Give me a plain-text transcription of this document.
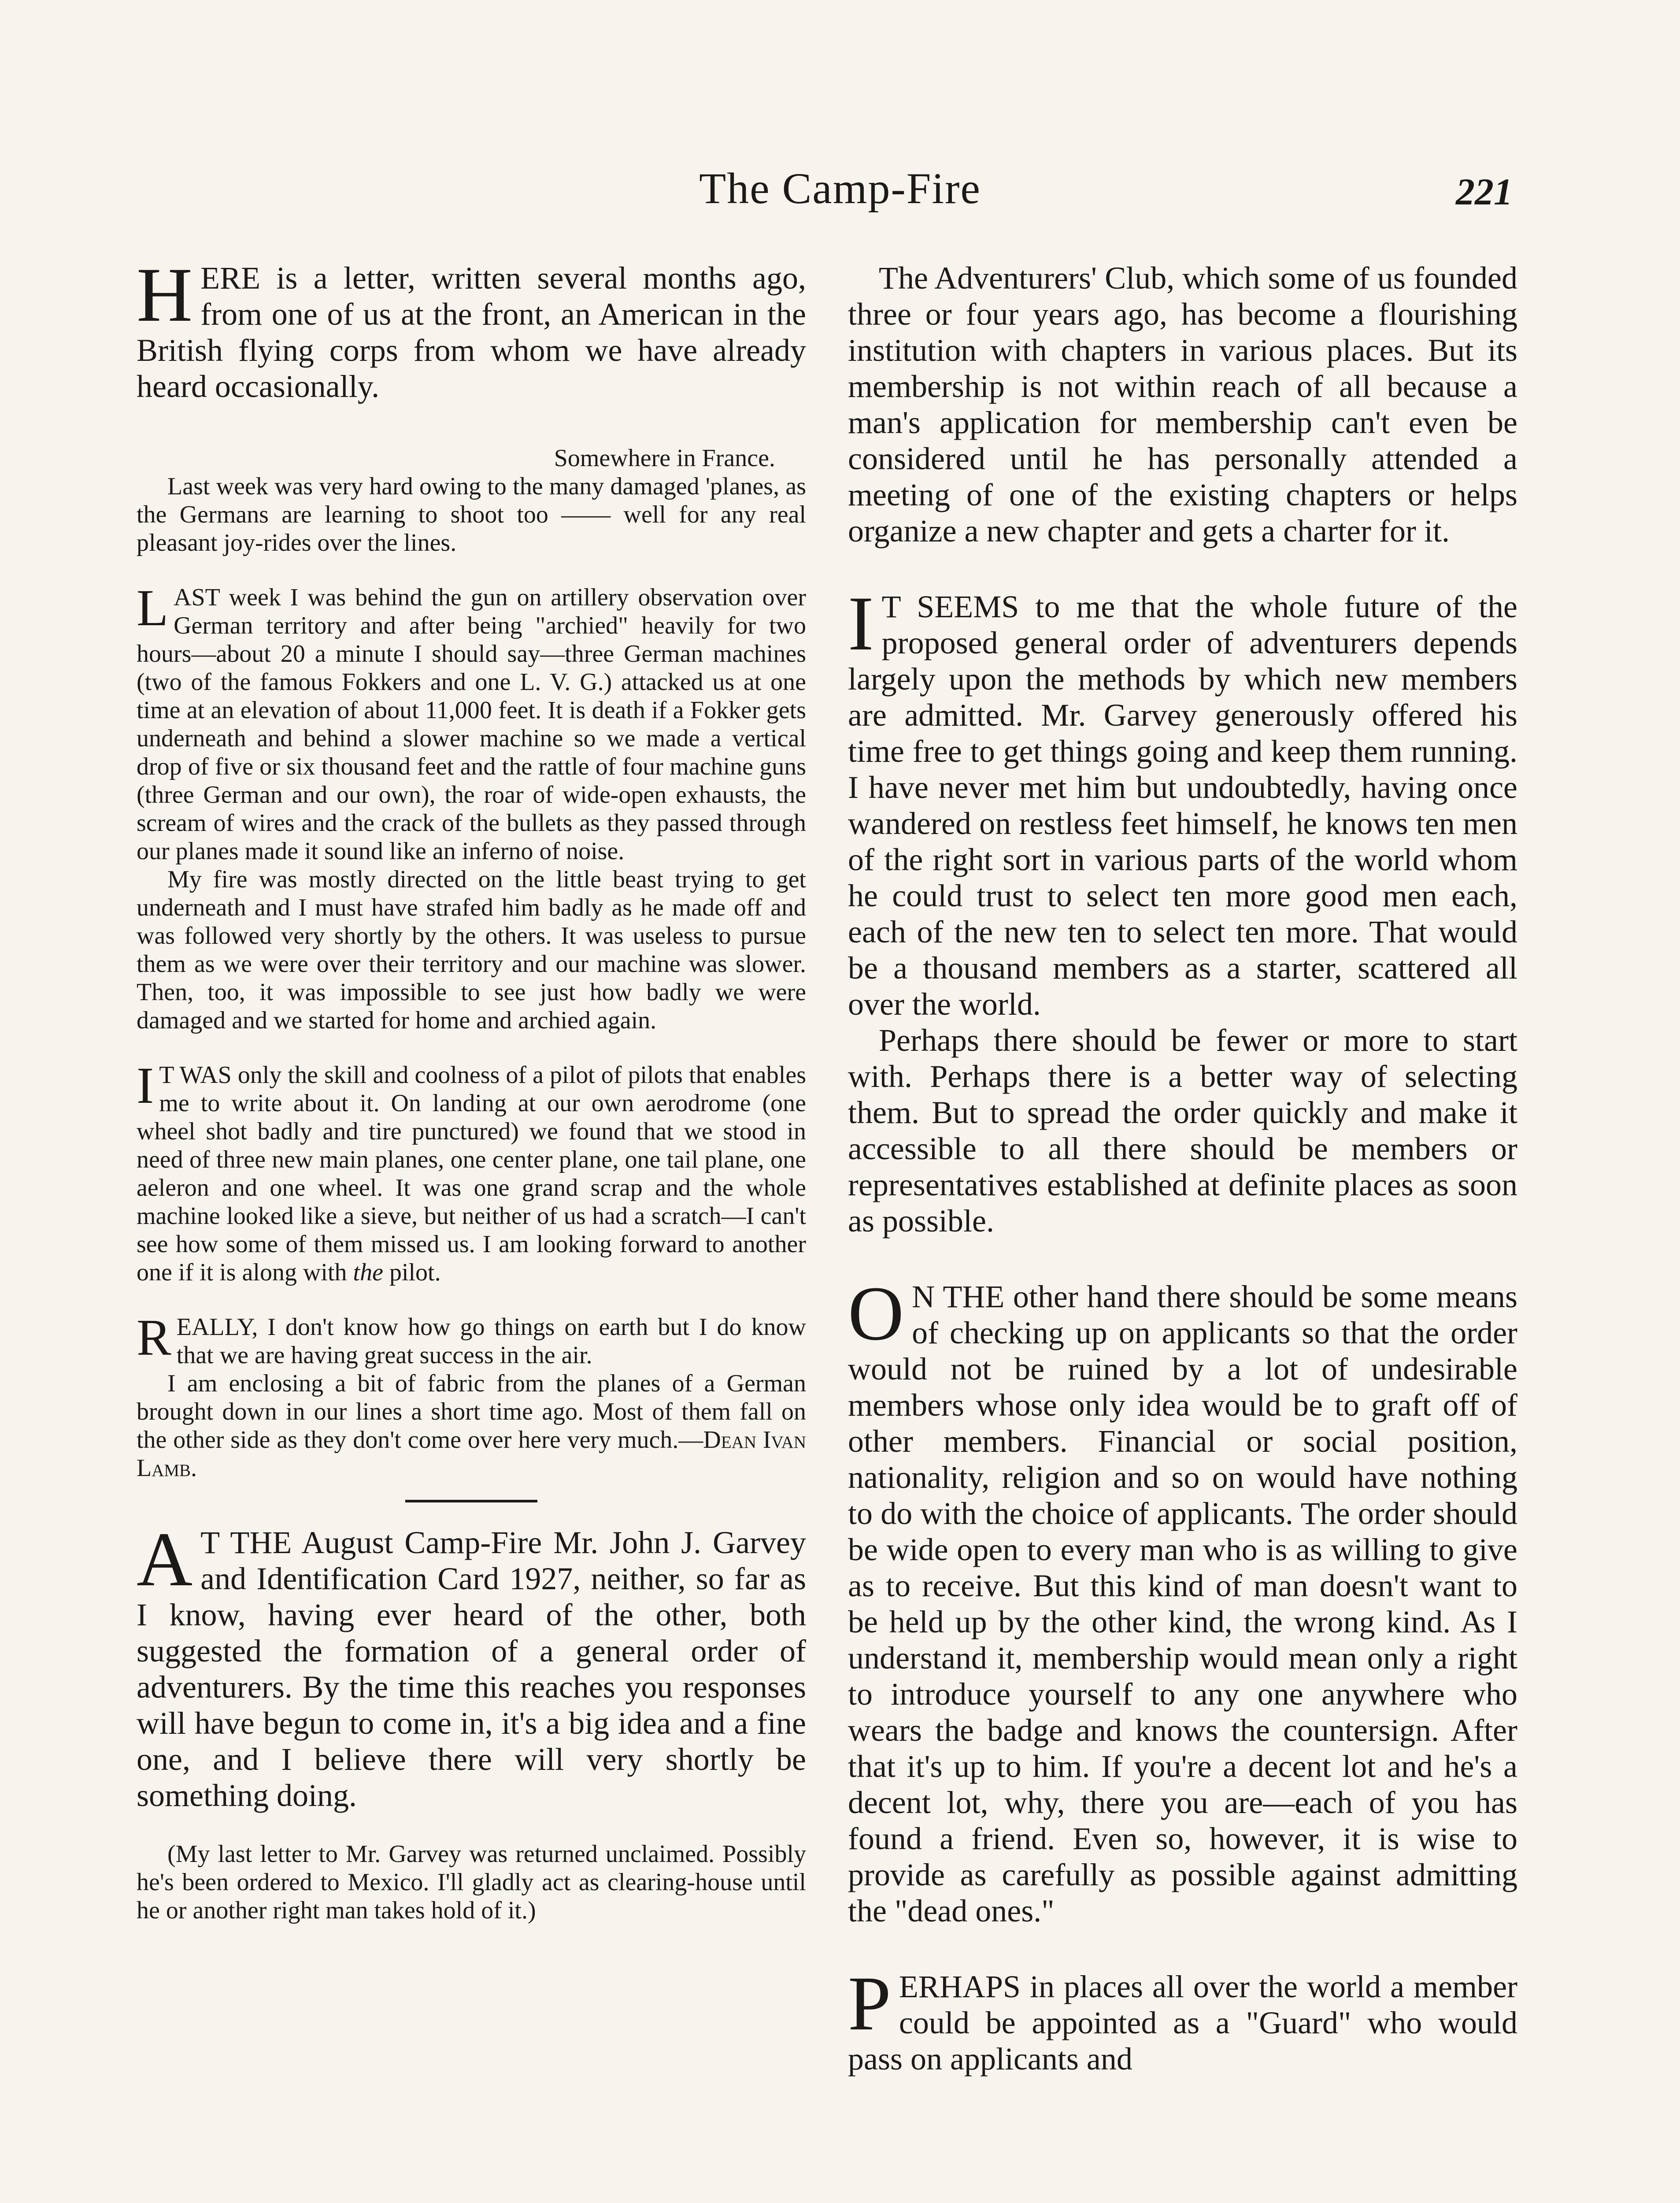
The Camp-Fire	221

HERE is a letter, written several months ago, from one of us at the front, an American in the British flying corps from whom we have already heard occasionally.

Somewhere in France.

Last week was very hard owing to the many damaged 'planes, as the Germans are learning to shoot too —— well for any real pleasant joy-rides over the lines.

LAST week I was behind the gun on artillery observation over German territory and after being "archied" heavily for two hours—about 20 a minute I should say—three German machines (two of the famous Fokkers and one L. V. G.) attacked us at one time at an elevation of about 11,000 feet. It is death if a Fokker gets underneath and behind a slower machine so we made a vertical drop of five or six thousand feet and the rattle of four machine guns (three German and our own), the roar of wide-open exhausts, the scream of wires and the crack of the bullets as they passed through our planes made it sound like an inferno of noise.

My fire was mostly directed on the little beast trying to get underneath and I must have strafed him badly as he made off and was followed very shortly by the others. It was useless to pursue them as we were over their territory and our machine was slower. Then, too, it was impossible to see just how badly we were damaged and we started for home and archied again.

I T WAS only the skill and coolness of a pilot of pilots that enables me to write about it. On landing at our own aerodrome (one wheel shot badly and tire punctured) we found that we stood in need of three new main planes, one center plane, one tail plane, one aeleron and one wheel. It was one grand scrap and the whole machine looked like a sieve, but neither of us had a scratch—I can't see how some of them missed us. I am looking forward to another one if it is along with the pilot.

REALLY, I don't know how go things on earth but I do know that we are having great success in the air.

I am enclosing a bit of fabric from the planes of a German brought down in our lines a short time ago. Most of them fall on the other side as they don't come over here very much.—Dean Ivan Lamb.

A T THE August Camp-Fire Mr. John J. Garvey and Identification Card 1927, neither, so far as I know, having ever heard of the other, both suggested the formation of a general order of adventurers. By the time this reaches you responses will have begun to come in, it's a big idea and a fine one, and I believe there will very shortly be something doing.

(My last letter to Mr. Garvey was returned unclaimed. Possibly he's been ordered to Mexico. I'll gladly act as clearing-house until he or another right man takes hold of it.)

The Adventurers' Club, which some of us founded three or four years ago, has become a flourishing institution with chapters in various places. But its membership is not within reach of all because a man's application for membership can't even be considered until he has personally attended a meeting of one of the existing chapters or helps organize a new chapter and gets a charter for it.

I T SEEMS to me that the whole future of the proposed general order of adventurers depends largely upon the methods by which new members are admitted. Mr. Garvey generously offered his time free to get things going and keep them running. I have never met him but undoubtedly, having once wandered on restless feet himself, he knows ten men of the right sort in various parts of the world whom he could trust to select ten more good men each, each of the new ten to select ten more. That would be a thousand members as a starter, scattered all over the world.

Perhaps there should be fewer or more to start with. Perhaps there is a better way of selecting them. But to spread the order quickly and make it accessible to all there should be members or representatives established at definite places as soon as possible.

O N THE other hand there should be some means of checking up on applicants so that the order would not be ruined by a lot of undesirable members whose only idea would be to graft off of other members. Financial or social position, nationality, religion and so on would have nothing to do with the choice of applicants. The order should be wide open to every man who is as willing to give as to receive. But this kind of man doesn't want to be held up by the other kind, the wrong kind. As I understand it, membership would mean only a right to introduce yourself to any one anywhere who wears the badge and knows the countersign. After that it's up to him. If you're a decent lot and he's a decent lot, why, there you are—each of you has found a friend. Even so, however, it is wise to provide as carefully as possible against admitting the "dead ones."

PERHAPS in places all over the world a member could be appointed as a "Guard" who would pass on applicants and
